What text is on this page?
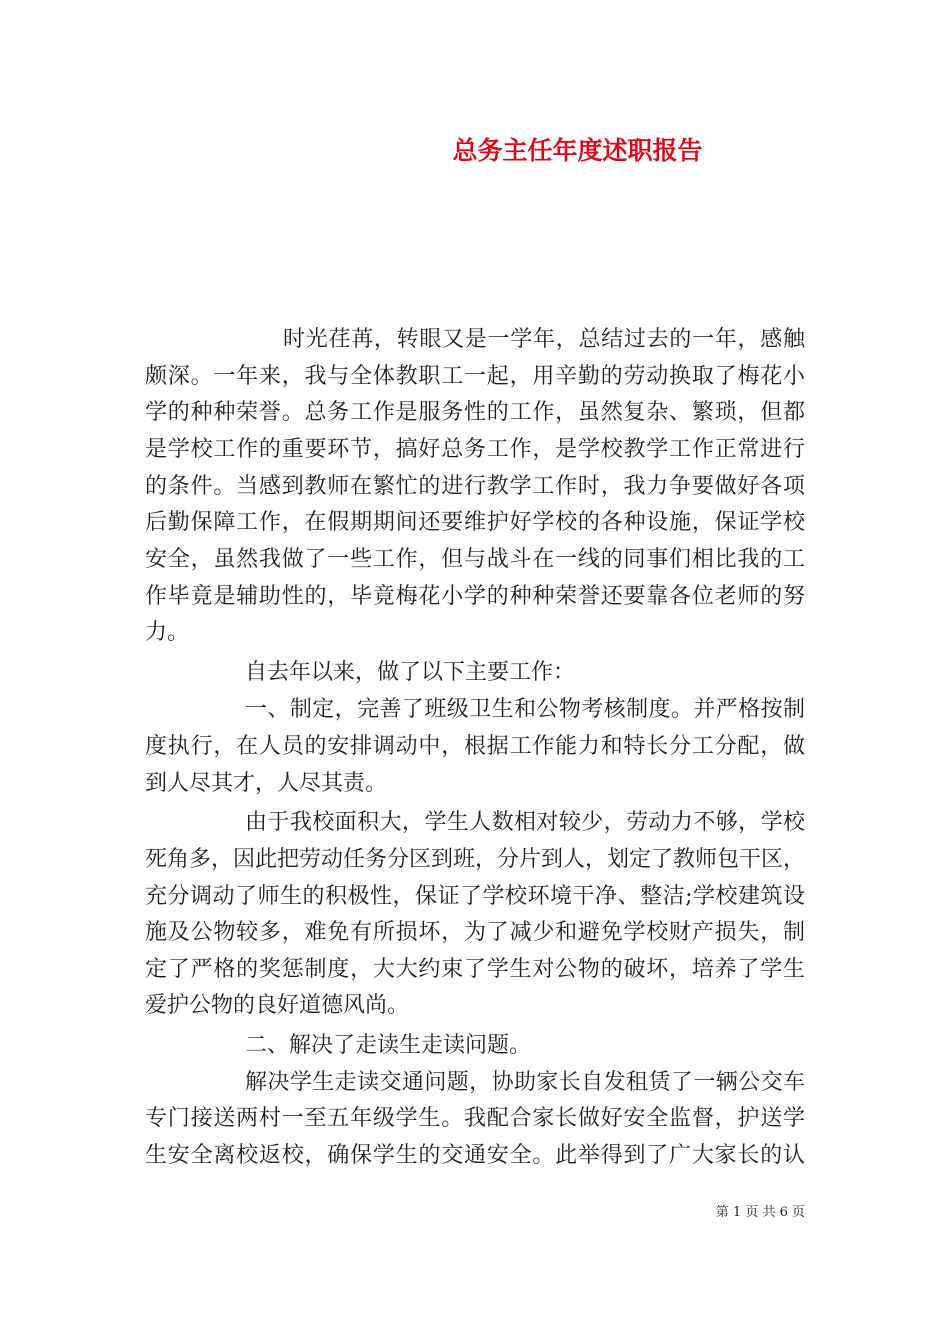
总务主任年度述职报告
时光荏苒，转眼又是一学年，总结过去的一年，感触
颇深。一年来，我与全体教职工一起，用辛勤的劳动换取了梅花小
学的种种荣誉。总务工作是服务性的工作，虽然复杂、繁琐，但都
是学校工作的重要环节，搞好总务工作，是学校教学工作正常进行
的条件。当感到教师在繁忙的进行教学工作时，我力争要做好各项
后勤保障工作，在假期期间还要维护好学校的各种设施，保证学校
安全，虽然我做了一些工作，但与战斗在一线的同事们相比我的工
作毕竟是辅助性的，毕竟梅花小学的种种荣誉还要靠各位老师的努
力。
自去年以来，做了以下主要工作：
一、制定，完善了班级卫生和公物考核制度。并严格按制
度执行，在人员的安排调动中，根据工作能力和特长分工分配，做
到人尽其才，人尽其责。
由于我校面积大，学生人数相对较少，劳动力不够，学校
死角多，因此把劳动任务分区到班，分片到人，划定了教师包干区，
充分调动了师生的积极性，保证了学校环境干净、整洁;学校建筑设
施及公物较多，难免有所损坏，为了减少和避免学校财产损失，制
定了严格的奖惩制度，大大约束了学生对公物的破坏，培养了学生
爱护公物的良好道德风尚。
二、解决了走读生走读问题。
解决学生走读交通问题，协助家长自发租赁了一辆公交车
专门接送两村一至五年级学生。我配合家长做好安全监督，护送学
生安全离校返校，确保学生的交通安全。此举得到了广大家长的认
第 1 页 共 6 页
